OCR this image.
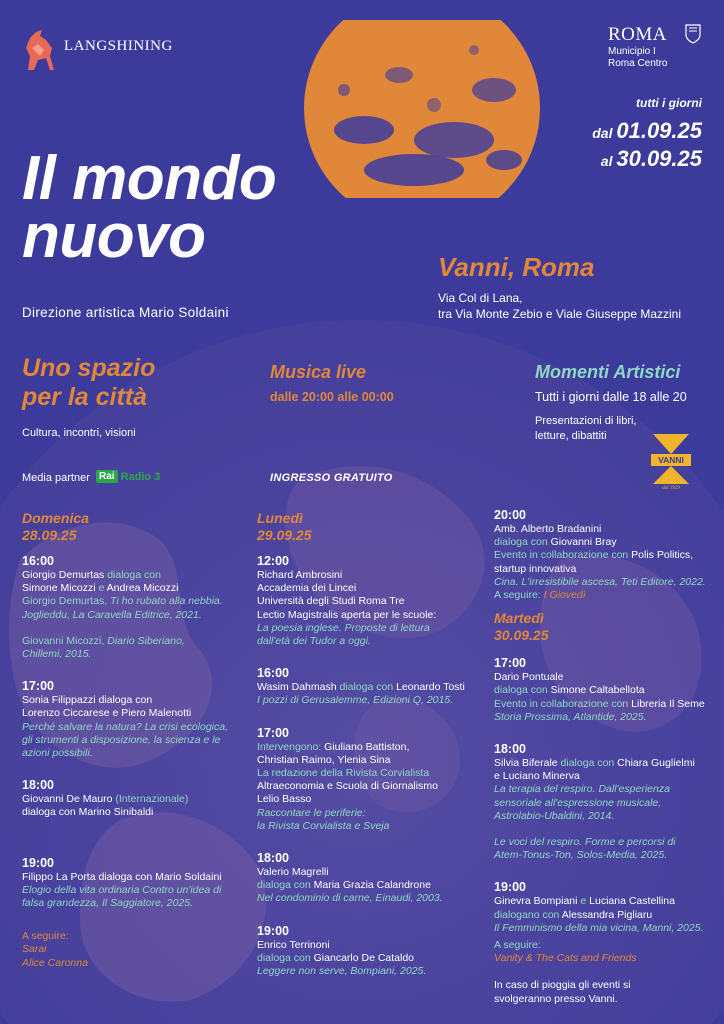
LANGSHINING
ROMA
Municipio I
Roma Centro
tutti i giorni
dal 01.09.25
al 30.09.25
Il mondo
nuovo
Direzione artistica Mario Soldaini
Vanni, Roma
Via Col di Lana,
tra Via Monte Zebio e Viale Giuseppe Mazzini
Uno spazio
per la città
Cultura, incontri, visioni
Musica live
dalle 20:00 alle 00:00
Momenti Artistici
Tutti i giorni dalle 18 alle 20
Presentazioni di libri,
letture, dibattiti
VANNI
dal 1929
Media partner Rai Radio 3	INGRESSO GRATUITO
Domenica
28.09.25
16:00
Giorgio Demurtas dialoga con
Simone Micozzi e Andrea Micozzi
Giorgio Demurtas, Ti ho rubato alla nebbia.
Joglieddu, La Caravella Editrice, 2021.
Giovanni Micozzi, Diario Siberiano,
Chillemi, 2015.
17:00
Sonia Filippazzi dialoga con
Lorenzo Ciccarese e Piero Malenotti
Perché salvare la natura? La crisi ecologica,
gli strumenti a disposizione, la scienza e le
azioni possibili.
18:00
Giovanni De Mauro (Internazionale)
dialoga con Marino Sinibaldi
19:00
Filippo La Porta dialoga con Mario Soldaini
Elogio della vita ordinaria Contro un'idea di
falsa grandezza, Il Saggiatore, 2025.
A seguire:
Sarai
Alice Caronna
Lunedì
29.09.25
12:00
Richard Ambrosini
Accademia dei Lincei
Università degli Studi Roma Tre
Lectio Magistralis aperta per le scuole:
La poesia inglese. Proposte di lettura
dall'età dei Tudor a oggi.
16:00
Wasim Dahmash dialoga con Leonardo Tosti
I pozzi di Gerusalemme, Edizioni Q, 2015.
17:00
Intervengono: Giuliano Battiston,
Christian Raimo, Ylenia Sina
La redazione della Rivista Corvialista
Altraeconomia e Scuola di Giornalismo
Lelio Basso
Raccontare le periferie:
la Rivista Corvialista e Sveja
18:00
Valerio Magrelli
dialoga con Maria Grazia Calandrone
Nel condominio di carne, Einaudi, 2003.
19:00
Enrico Terrinoni
dialoga con Giancarlo De Cataldo
Leggere non serve, Bompiani, 2025.
20:00
Amb. Alberto Bradanini
dialoga con Giovanni Bray
Evento in collaborazione con Polis Politics,
startup innovativa
Cina. L'irresistibile ascesa, Teti Editore, 2022.
A seguire: I Giovedì
Martedì
30.09.25
17:00
Dario Pontuale
dialoga con Simone Caltabellota
Evento in collaborazione con Libreria Il Seme
Storia Prossima, Atlantide, 2025.
18:00
Silvia Biferale dialoga con Chiara Guglielmi
e Luciano Minerva
La terapia del respiro. Dall'esperienza
sensoriale all'espressione musicale,
Astrolabio-Ubaldini, 2014.
Le voci del respiro. Forme e percorsi di
Atem-Tonus-Ton, Solos-Media, 2025.
19:00
Ginevra Bompiani e Luciana Castellina
dialogano con Alessandra Pigliaru
Il Femminismo della mia vicina, Manni, 2025.
A seguire:
Vanity & The Cats and Friends
In caso di pioggia gli eventi si
svolgeranno presso Vanni.
